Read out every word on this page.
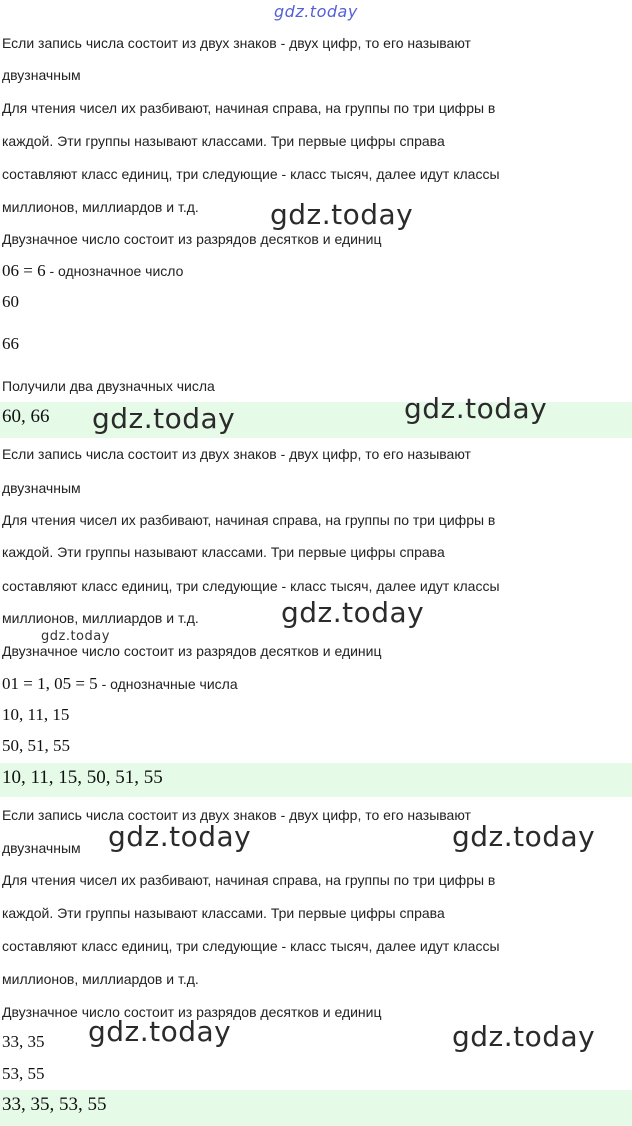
gdz.today
Если запись числа состоит из двух знаков - двух цифр, то его называют
двузначным
Для чтения чисел их разбивают, начиная справа, на группы по три цифры в
каждой. Эти группы называют классами. Три первые цифры справа
составляют класс единиц, три следующие - класс тысяч, далее идут классы
миллионов, миллиардов и т.д.	gdz.today
Двузначное число состоит из разрядов десятков и единиц
06 = 6 - однозначное число
60
66
Получили два двузначных числа
60, 66 gdz.today	gdz.today
Если запись числа состоит из двух знаков - двух цифр, то его называют
двузначным
Для чтения чисел их разбивают, начиная справа, на группы по три цифры в
каждой. Эти группы называют классами. Три первые цифры справа
составляют класс единиц, три следующие - класс тысяч, далее идут классы
миллионов, миллиардов и т.д.	gdz.today
gdz.today
Двузначное число состоит из разрядов десятков и единиц
01 = 1, 05 = 5 - однозначные числа
10, 11, 15
50, 51, 55
10, 11, 15, 50, 51, 55
Если запись числа состоит из двух знаков - двух цифр, то его называют
двузначным gdz.today	gdz.today
Для чтения чисел их разбивают, начиная справа, на группы по три цифры в
каждой. Эти группы называют классами. Три первые цифры справа
составляют класс единиц, три следующие - класс тысяч, далее идут классы
миллионов, миллиардов и т.д.
Двузначное число состоит из разрядов десятков и единиц
33, 35 gdz.today	gdz.today
53, 55
33, 35, 53, 55
